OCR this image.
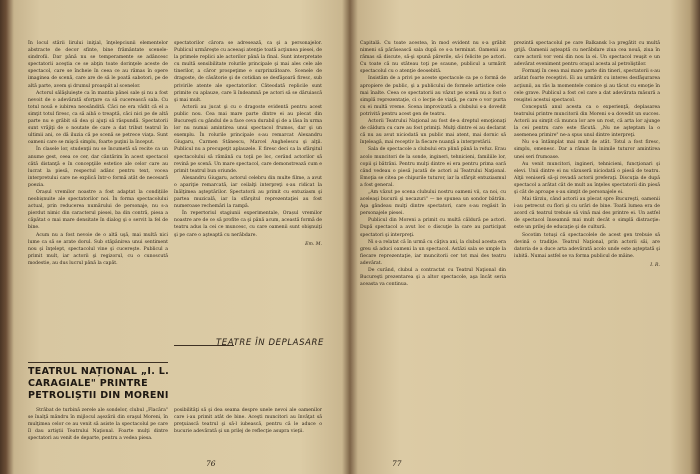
În locul stării lirului iniţial, înţelepciunii elementelor abstracte de decor sfinte, bine frământate scenele-sindrofii. Dar până nu se temperamente se adâncesc spectatorii aceştia ce se abţin toate dorinţele aceste de spectacol, care se încheie în ceea ce au rămas în opere imaginea de scenă, care are de să le poată sabotori, pe de altă parte, avem şi drumul proaspăt al scenelor.

Actorul sălăşluieşte ca în mantia pânei sale şi nu a fost nevoit de o adevărată sforţare ca să cucerească sala. Cu totul nouă e iubirea neosândită. Căci ne era vădit că el a simţit totul firesc, ca să aibă o treaptă, căci nici pe de altă parte nu e grăbit să dea şi ajuţi să răspundă. Spectatorii sunt vrăjiţi de o noutate de care a dat tribut teatrul în ultimii ani, ce dă iluzia că pe scenă se petrece viaţa. Sunt oameni care se mişcă simplu, foarte puţini la început.

În clasele lor, studenţii nu se încumetă să recite ca un anume gest, ceea ce cer, dar cântărim în acest spectacol câtă distanţă e în concepţiile estetice ale celor care au lucrat la piesă, respectul adânc pentru text, vocea interpretului care ne explică într-o formă atât de necesară poezia.

Orașul vremilor noastre a fost adaptat la condițiile neobișnuite ale spectatorilor noi. În forma spectacolului actual, prin reducerea numărului de personaje, nu s-a pierdut nimic din caracterul piesei, ba din contră, piesa a căpătat o mai mare densitate în dialog şi o servit la fel de bine.

Acum nu a fost nevoie de o altă uşă, mai multă nici lume ca să se arate dorul. Sub stăpânirea unui sentiment nou şi înţelept, spectacolul vine şi cucereşte. Publicul a primit mult, iar actorii şi regizorul, cu o cunoscută modestie, au dus lucrul până la capăt.

spectatorilor cărora se adresează, ca şi a personajelor. Publicul urmăreşte cu aceeaşi atenţie toată acţiunea piesei, de la primele replici ale actorilor până la final. Sunt interpretate cu multă sensibilitate rolurile principale şi mai ales cele ale tinerilor, a căror prospeţime e surprinzătoare. Scenele de dragoste, de căsătorie şi de cotidian se desfăşoară firesc, sub privirile atente ale spectatorilor. Câteodată replicile sunt primite cu aplauze, care îi îndeamnă pe actori să se dăruiască şi mai mult.

Actorii au jucat şi cu o dragoste evidentă pentru acest public nou. Cea mai mare parte dintre ei au plecat din Bucureşti cu gândul de a face ceva durabil şi de a lăsa în urma lor nu numai amintirea unui spectacol frumos, dar şi un exemplu. În rolurile principale s-au remarcat Alexandru Giugaru, Carmen Stănescu, Marcel Anghelescu şi alţii. Publicul nu a precupeţit aplauzele. E firesc deci ca la sfârşitul spectacolului să rămână cu toţii pe loc, cerând actorilor să revină pe scenă. Un mare spectacol, care demonstrează cum e primit teatrul bun oriunde.

Alexandru Giugaru, actorul celebru din multe filme, a avut o apariţie remarcată, iar ceilalţi interpreţi s-au ridicat la înălţimea aşteptărilor. Spectatorii au primit cu entuziasm şi partea muzicală, iar la sfârşitul reprezentaţiei au fost numeroase rechemări la rampă.

În repertoriul stagiunii experimentale, Orașul vremilor noastre are de ce să profite ca şi până acum, această formă de teatru adus la cei ce muncesc, cu care oamenii sunt obişnuiţi şi pe care o aşteaptă cu nerăbdare.

Em. M.
TEATRE ÎN DEPLASARE
TEATRUL NAȚIONAL „I. L. CARAGIALE" PRINTRE PETROLIȘTII DIN MORENI

Străbat de turbină zerele ale sondelor, clubul „Flacăra" se înalţă mândru în mijlocul aşezării din oraşul Moreni, în mulţimea celor ce au venit să asiste la spectacolul pe care îl dau artiştii Teatrului Naţional. Foarte mulţi dintre spectatori au venit de departe, pentru a vedea piesa.

posibilităţi să şi dea seama despre unele nevoi ale oamenilor care i-au primit atât de bine. Aceşti muncitori au învăţat să preţuiască teatrul şi să-l iubească, pentru că le aduce o bucurie adevărată şi un prilej de reflecţie asupra vieţii.

76

Capitală. Cu toate acestea, în mod evident nu s-a grăbit nimeni să părăsească sala după ce s-a terminat. Oamenii au rămas să discute, să-şi spună părerile, să-i felicite pe actori. Cu toate că nu stăteau toţi pe scaune, publicul a urmărit spectacolul cu o atenţie deosebită.

Insistăm de a privi pe aceste spectacole ca pe o formă de apropiere de public, şi a publicului de formele artistice cele mai înalte. Ceea ce spectatorii au văzut pe scenă nu a fost o simplă reprezentaţie, ci o lecţie de viaţă, pe care o vor purta cu ei multă vreme. Scena improvizată a clubului s-a dovedit potrivită pentru acest gen de teatru.

Actorii Teatrului Naţional au fost de-a dreptul emoţionaţi de căldura cu care au fost primiţi. Mulţi dintre ei au declarat că nu au avut niciodată un public mai atent, mai dornic să înţeleagă, mai receptiv la fiecare nuanţă a interpretării.

Sala de spectacole a clubului era plină până la refuz. Erau acolo muncitori de la sonde, ingineri, tehnicieni, familiile lor, copii şi bătrâni. Pentru mulţi dintre ei era pentru prima oară când vedeau o piesă jucată de actori ai Teatrului Naţional. Emoţia se citea pe chipurile tuturor, iar la sfârşit entuziasmul a fost general.

„Am văzut pe scena clubului nostru oameni vii, ca noi, cu aceleaşi bucurii şi necazuri" — ne spunea un sondor bătrân. Aşa gândeau mulţi dintre spectatori, care s-au regăsit în personajele piesei.

Publicul din Moreni a primit cu multă căldură pe actori. După spectacol a avut loc o discuţie la care au participat spectatori şi interpreţi.

Ni s-a relatat că în urmă cu câţiva ani, la clubul acesta era greu să aduci oameni la un spectacol. Astăzi sala se umple la fiecare reprezentaţie, iar muncitorii cer tot mai des teatru adevărat.

De curând, clubul a contractat cu Teatrul Naţional din Bucureşti prezentarea şi a altor spectacole, aşa încât seria aceasta va continua.

prezintă spectacolul pe care Balkansk l-a pregătit cu multă grijă. Oamenii aşteaptă cu nerăbdare ziua cea nouă, ziua în care actorii vor veni din nou la ei. Un spectacol reuşit e un adevărat eveniment pentru oraşul acesta al petroliştilor.

Formaţi în ceea mai mare parte din tineri, spectatorii s-au arătat foarte receptivi. Ei au urmărit cu interes desfăşurarea acţiunii, au râs la momentele comice şi au tăcut cu emoţie în cele grave. Publicul a fost cel care a dat adevărata măsură a reuşitei acestui spectacol.

Concepută anul acesta ca o experienţă, deplasarea teatrului printre muncitorii din Moreni s-a dovedit un succes. Actorii au simţit că munca lor are un rost, că arta lor ajunge la cei pentru care este făcută. „Nu ne aşteptam la o asemenea primire" ne-a spus unul dintre interpreţi.

Nu s-a întâmplat mai mult de atât. Totul a fost firesc, simplu, omenesc. Dar a rămas în inimile tuturor amintirea unei seri frumoase.

Au venit muncitori, ingineri, tehnicieni, funcţionari şi elevi. Unii dintre ei nu văzuseră niciodată o piesă de teatru. Alţii veniseră să-şi revadă actorii preferaţi. Discuţia de după spectacol a arătat cât de mult au înţeles spectatorii din piesă şi cât de aproape s-au simţit de personajele ei.

Mai târziu, când actorii au plecat spre Bucureşti, oamenii i-au petrecut cu flori şi cu urări de bine. Toată lumea era de acord că teatrul trebuie să vină mai des printre ei. Un astfel de spectacol înseamnă mai mult decât o simplă distracţie: este un prilej de educaţie şi de cultură.

Socotim totuşi că spectacolele de acest gen trebuie să devină o tradiţie. Teatrul Naţional, prin actorii săi, are datoria de a duce arta adevărată acolo unde este aşteptată şi iubită. Numai astfel se va forma publicul de mâine.

I. R.
77
